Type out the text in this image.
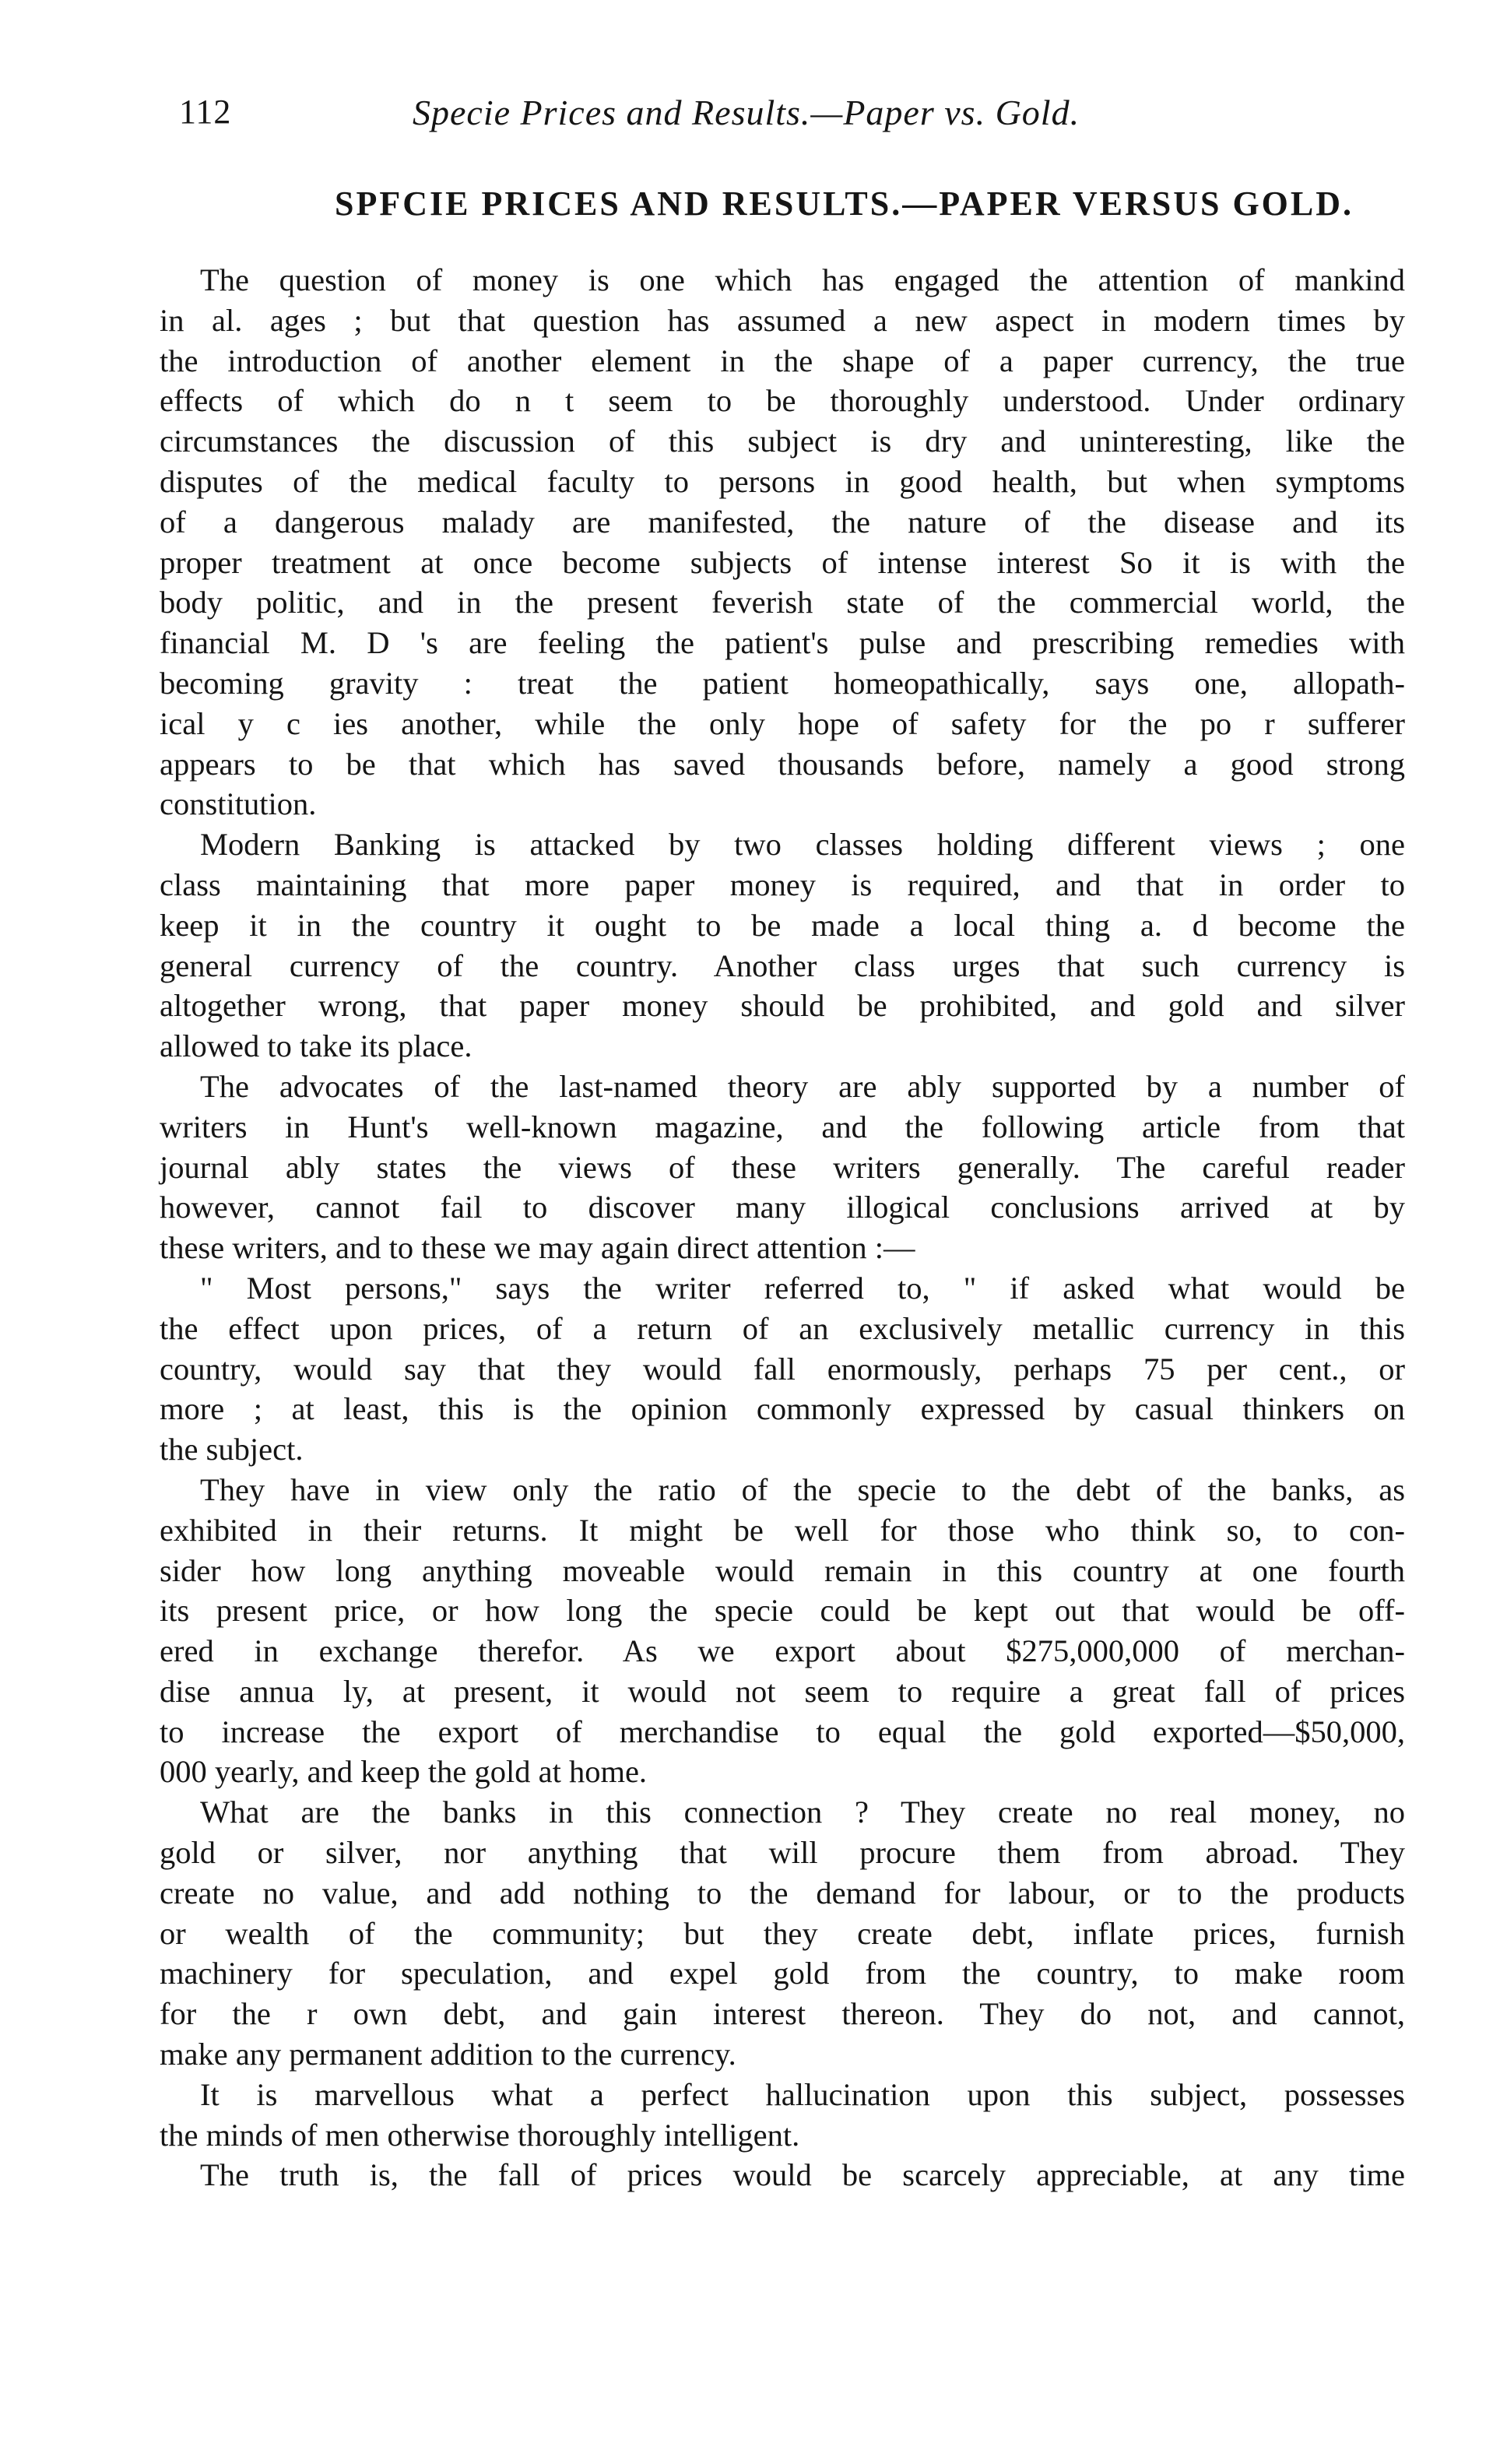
112	Specie Prices and Results.—Paper vs. Gold.
SPFCIE PRICES AND RESULTS.—PAPER VERSUS GOLD.
The question of money is one which has engaged the attention of mankind
in al. ages ; but that question has assumed a new aspect in modern times by
the introduction of another element in the shape of a paper currency, the true
effects of which do n t seem to be thoroughly understood. Under ordinary
circumstances the discussion of this subject is dry and uninteresting, like the
disputes of the medical faculty to persons in good health, but when symptoms
of a dangerous malady are manifested, the nature of the disease and its
proper treatment at once become subjects of intense interest So it is with the
body politic, and in the present feverish state of the commercial world, the
financial M. D 's are feeling the patient's pulse and prescribing remedies with
becoming gravity : treat the patient homeopathically, says one, allopath-
ical y c ies another, while the only hope of safety for the po r sufferer
appears to be that which has saved thousands before, namely a good strong
constitution.
Modern Banking is attacked by two classes holding different views ; one
class maintaining that more paper money is required, and that in order to
keep it in the country it ought to be made a local thing a. d become the
general currency of the country. Another class urges that such currency is
altogether wrong, that paper money should be prohibited, and gold and silver
allowed to take its place.
The advocates of the last-named theory are ably supported by a number of
writers in Hunt's well-known magazine, and the following article from that
journal ably states the views of these writers generally. The careful reader
however, cannot fail to discover many illogical conclusions arrived at by
these writers, and to these we may again direct attention :—
" Most persons," says the writer referred to, " if asked what would be
the effect upon prices, of a return of an exclusively metallic currency in this
country, would say that they would fall enormously, perhaps 75 per cent., or
more ; at least, this is the opinion commonly expressed by casual thinkers on
the subject.
They have in view only the ratio of the specie to the debt of the banks, as
exhibited in their returns. It might be well for those who think so, to con-
sider how long anything moveable would remain in this country at one fourth
its present price, or how long the specie could be kept out that would be off-
ered in exchange therefor. As we export about $275,000,000 of merchan-
dise annua ly, at present, it would not seem to require a great fall of prices
to increase the export of merchandise to equal the gold exported—$50,000,
000 yearly, and keep the gold at home.
What are the banks in this connection ? They create no real money, no
gold or silver, nor anything that will procure them from abroad. They
create no value, and add nothing to the demand for labour, or to the products
or wealth of the community; but they create debt, inflate prices, furnish
machinery for speculation, and expel gold from the country, to make room
for the r own debt, and gain interest thereon. They do not, and cannot,
make any permanent addition to the currency.
It is marvellous what a perfect hallucination upon this subject, possesses
the minds of men otherwise thoroughly intelligent.
The truth is, the fall of prices would be scarcely appreciable, at any time
